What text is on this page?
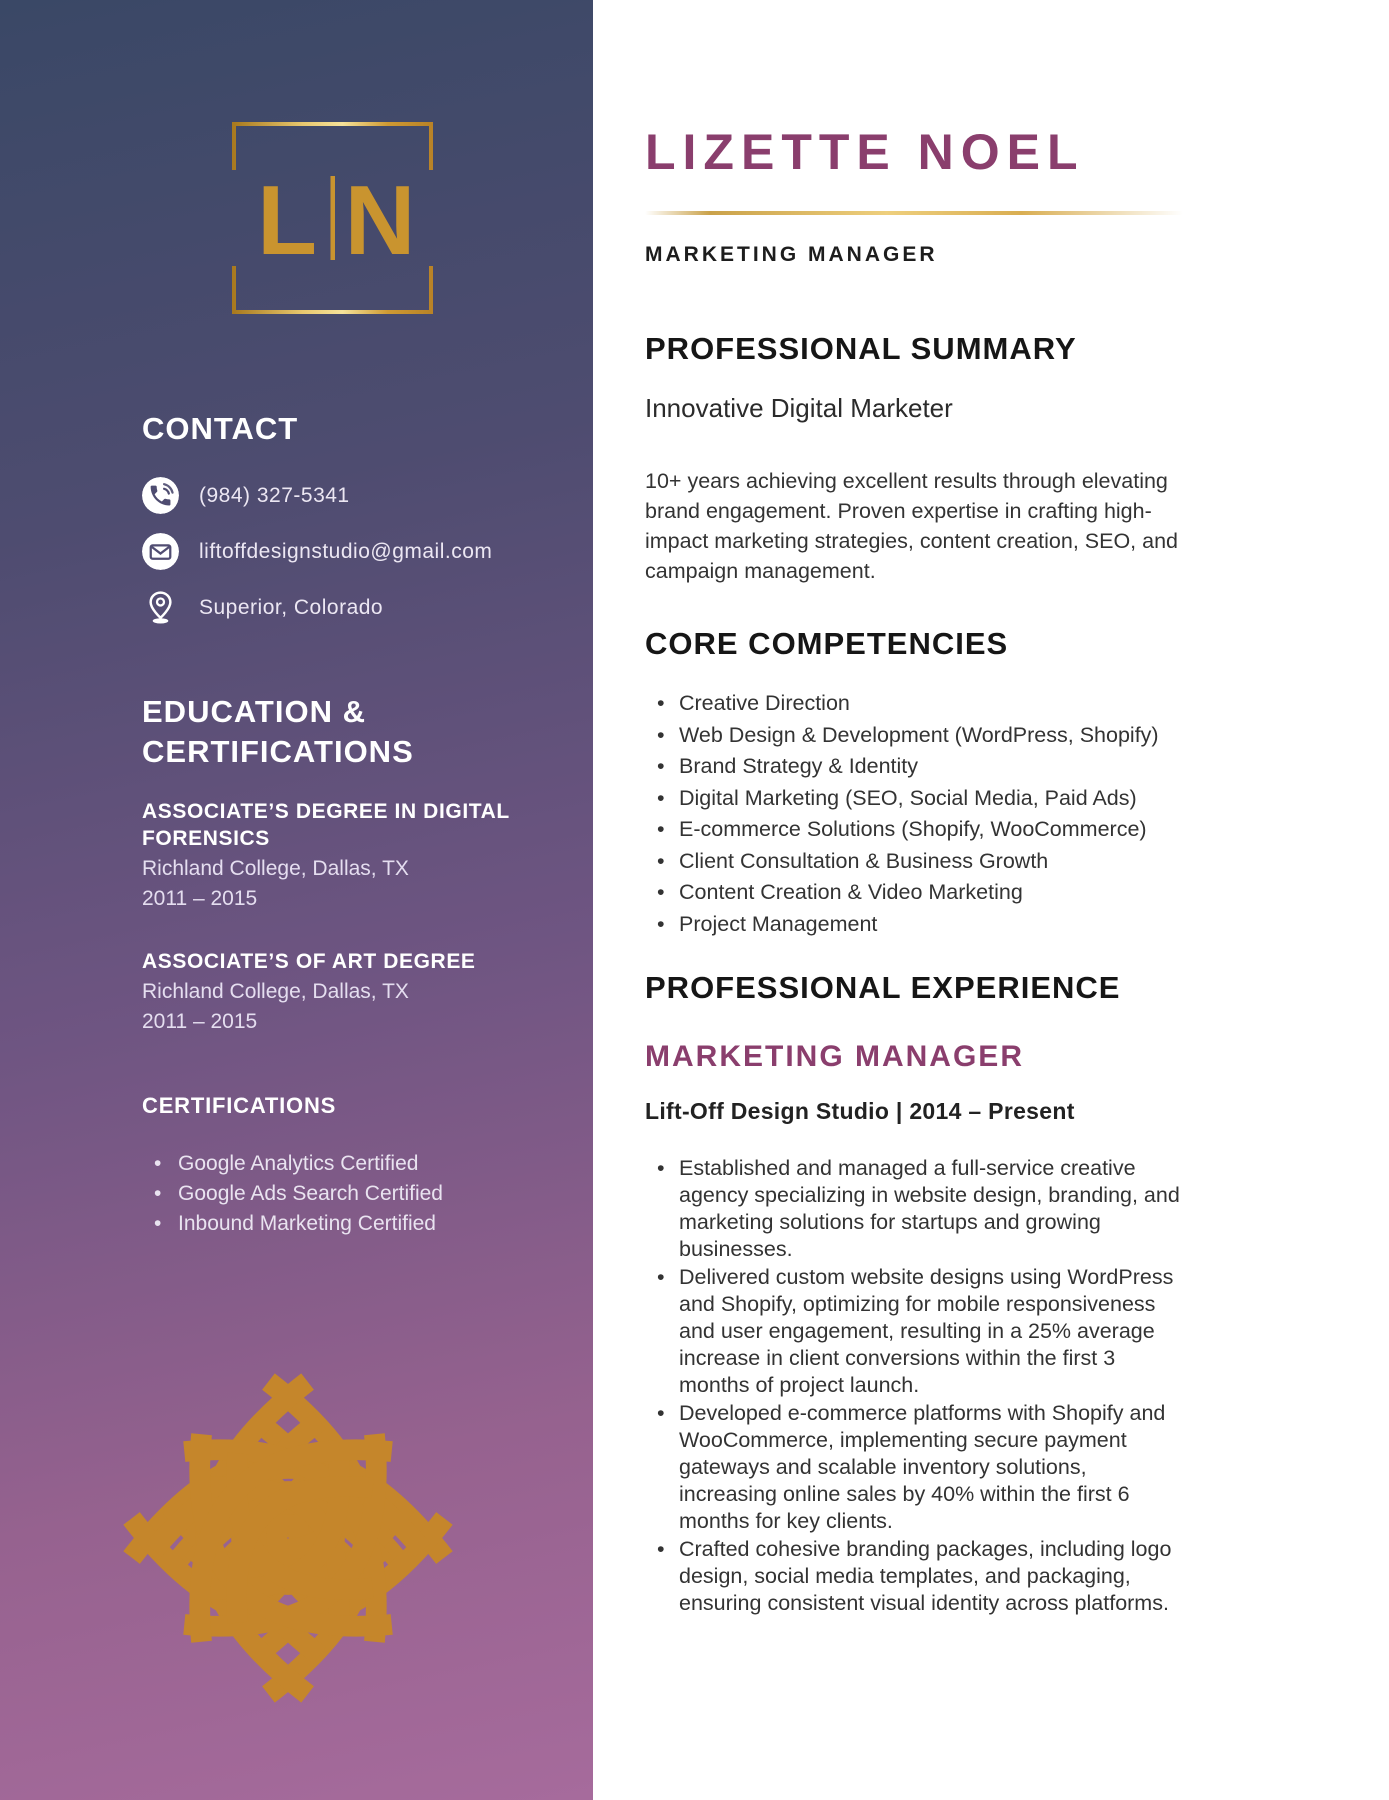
L N
CONTACT
(984) 327-5341
liftoffdesignstudio@gmail.com
Superior, Colorado
EDUCATION & CERTIFICATIONS
ASSOCIATE’S DEGREE IN DIGITAL FORENSICS
Richland College, Dallas, TX
2011 – 2015
ASSOCIATE’S OF ART DEGREE
Richland College, Dallas, TX
2011 – 2015
CERTIFICATIONS
• Google Analytics Certified
• Google Ads Search Certified
• Inbound Marketing Certified
LIZETTE NOEL
MARKETING MANAGER
PROFESSIONAL SUMMARY
Innovative Digital Marketer

10+ years achieving excellent results through elevating brand engagement. Proven expertise in crafting high-impact marketing strategies, content creation, SEO, and campaign management.

CORE COMPETENCIES
• Creative Direction
• Web Design & Development (WordPress, Shopify)
• Brand Strategy & Identity
• Digital Marketing (SEO, Social Media, Paid Ads)
• E-commerce Solutions (Shopify, WooCommerce)
• Client Consultation & Business Growth
• Content Creation & Video Marketing
• Project Management
PROFESSIONAL EXPERIENCE
MARKETING MANAGER
Lift-Off Design Studio | 2014 – Present
• Established and managed a full-service creative agency specializing in website design, branding, and marketing solutions for startups and growing businesses.
• Delivered custom website designs using WordPress and Shopify, optimizing for mobile responsiveness and user engagement, resulting in a 25% average increase in client conversions within the first 3 months of project launch.
• Developed e-commerce platforms with Shopify and WooCommerce, implementing secure payment gateways and scalable inventory solutions, increasing online sales by 40% within the first 6 months for key clients.
• Crafted cohesive branding packages, including logo design, social media templates, and packaging, ensuring consistent visual identity across platforms.
